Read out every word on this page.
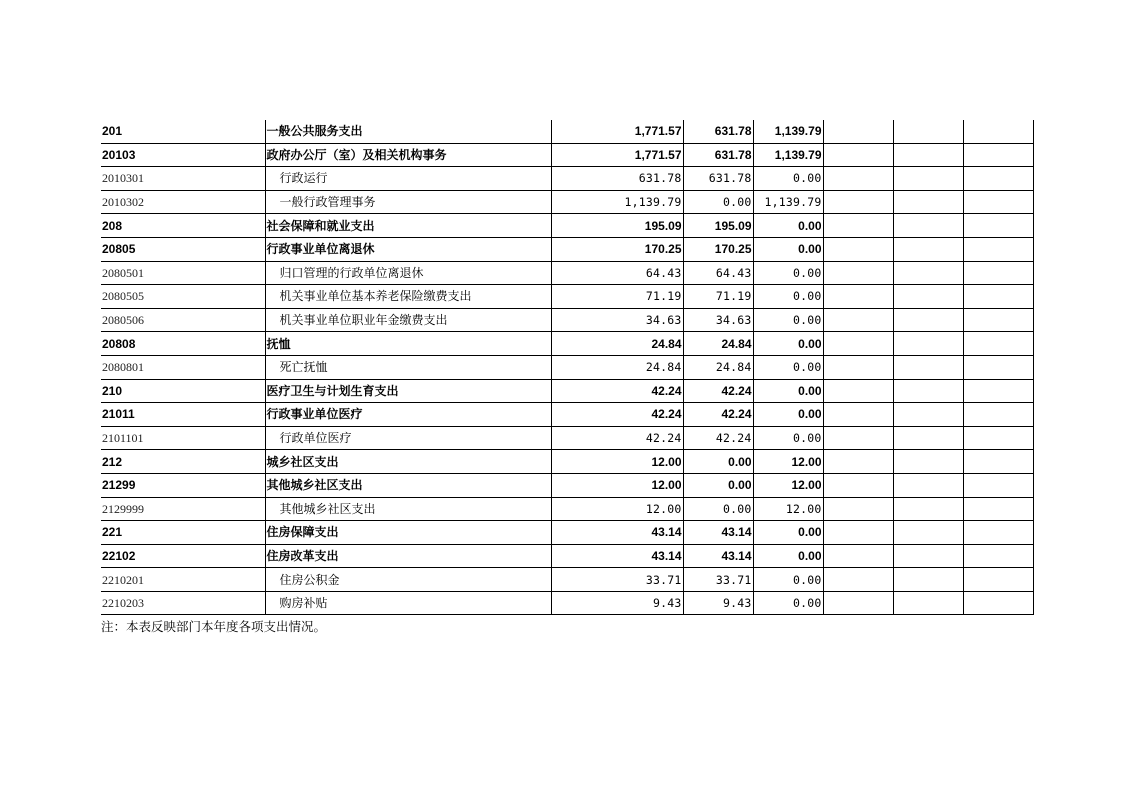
201	一般公共服务支出	1,771.57	631.78	1,139.79			
20103	政府办公厅（室）及相关机构事务	1,771.57	631.78	1,139.79			
2010301	行政运行	631.78	631.78	0.00			
2010302	一般行政管理事务	1,139.79	0.00	1,139.79			
208	社会保障和就业支出	195.09	195.09	0.00			
20805	行政事业单位离退休	170.25	170.25	0.00			
2080501	归口管理的行政单位离退休	64.43	64.43	0.00			
2080505	机关事业单位基本养老保险缴费支出	71.19	71.19	0.00			
2080506	机关事业单位职业年金缴费支出	34.63	34.63	0.00			
20808	抚恤	24.84	24.84	0.00			
2080801	死亡抚恤	24.84	24.84	0.00			
210	医疗卫生与计划生育支出	42.24	42.24	0.00			
21011	行政事业单位医疗	42.24	42.24	0.00			
2101101	行政单位医疗	42.24	42.24	0.00			
212	城乡社区支出	12.00	0.00	12.00			
21299	其他城乡社区支出	12.00	0.00	12.00			
2129999	其他城乡社区支出	12.00	0.00	12.00			
221	住房保障支出	43.14	43.14	0.00			
22102	住房改革支出	43.14	43.14	0.00			
2210201	住房公积金	33.71	33.71	0.00			
2210203	购房补贴	9.43	9.43	0.00			
注：本表反映部门本年度各项支出情况。
